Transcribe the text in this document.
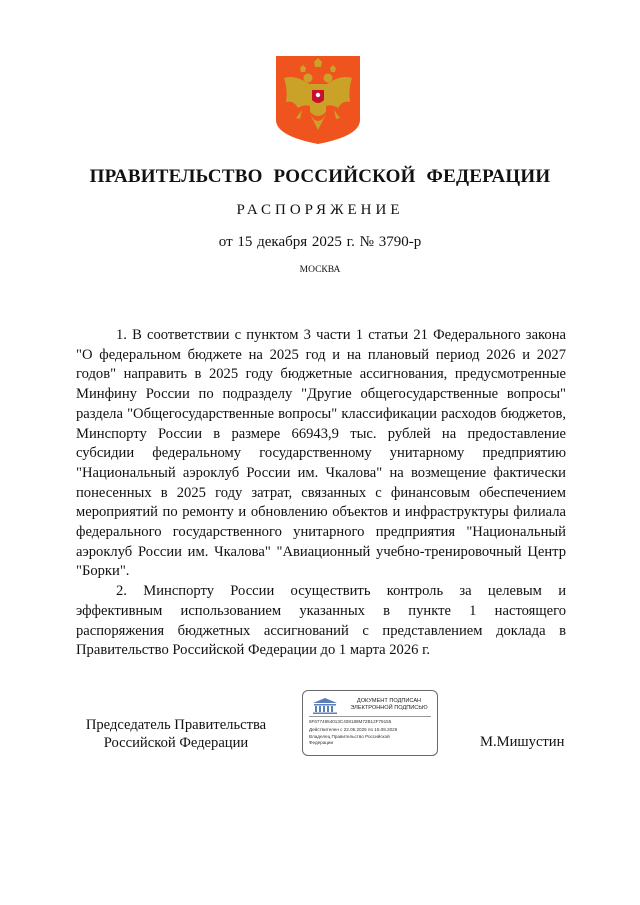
ПРАВИТЕЛЬСТВО РОССИЙСКОЙ ФЕДЕРАЦИИ
РАСПОРЯЖЕНИЕ
от 15 декабря 2025 г. № 3790-р
МОСКВА

1. В соответствии с пунктом 3 части 1 статьи 21 Федерального закона "О федеральном бюджете на 2025 год и на плановый период 2026 и 2027 годов" направить в 2025 году бюджетные ассигнования, предусмотренные Минфину России по подразделу "Другие общегосударственные вопросы" раздела "Общегосударственные вопросы" классификации расходов бюджетов, Минспорту России в размере 66943,9 тыс. рублей на предоставление субсидии федеральному государственному унитарному предприятию "Национальный аэроклуб России им. Чкалова" на возмещение фактически понесенных в 2025 году затрат, связанных с финансовым обеспечением мероприятий по ремонту и обновлению объектов и инфраструктуры филиала федерального государственного унитарного предприятия "Национальный аэроклуб России им. Чкалова" "Авиационный учебно-тренировочный Центр "Борки".

2. Минспорту России осуществить контроль за целевым и эффективным использованием указанных в пункте 1 настоящего распоряжения бюджетных ассигнований с представлением доклада в Правительство Российской Федерации до 1 марта 2026 г.

Председатель Правительства
Российской Федерации
ДОКУМЕНТ ПОДПИСАН
ЭЛЕКТРОННОЙ ПОДПИСЬЮ
6F6774854013C408188M72B12F79155
Действителен с 22.05.2025 по 15.08.2026
Владелец Правительство Российской
Федерации	М.Мишустин
